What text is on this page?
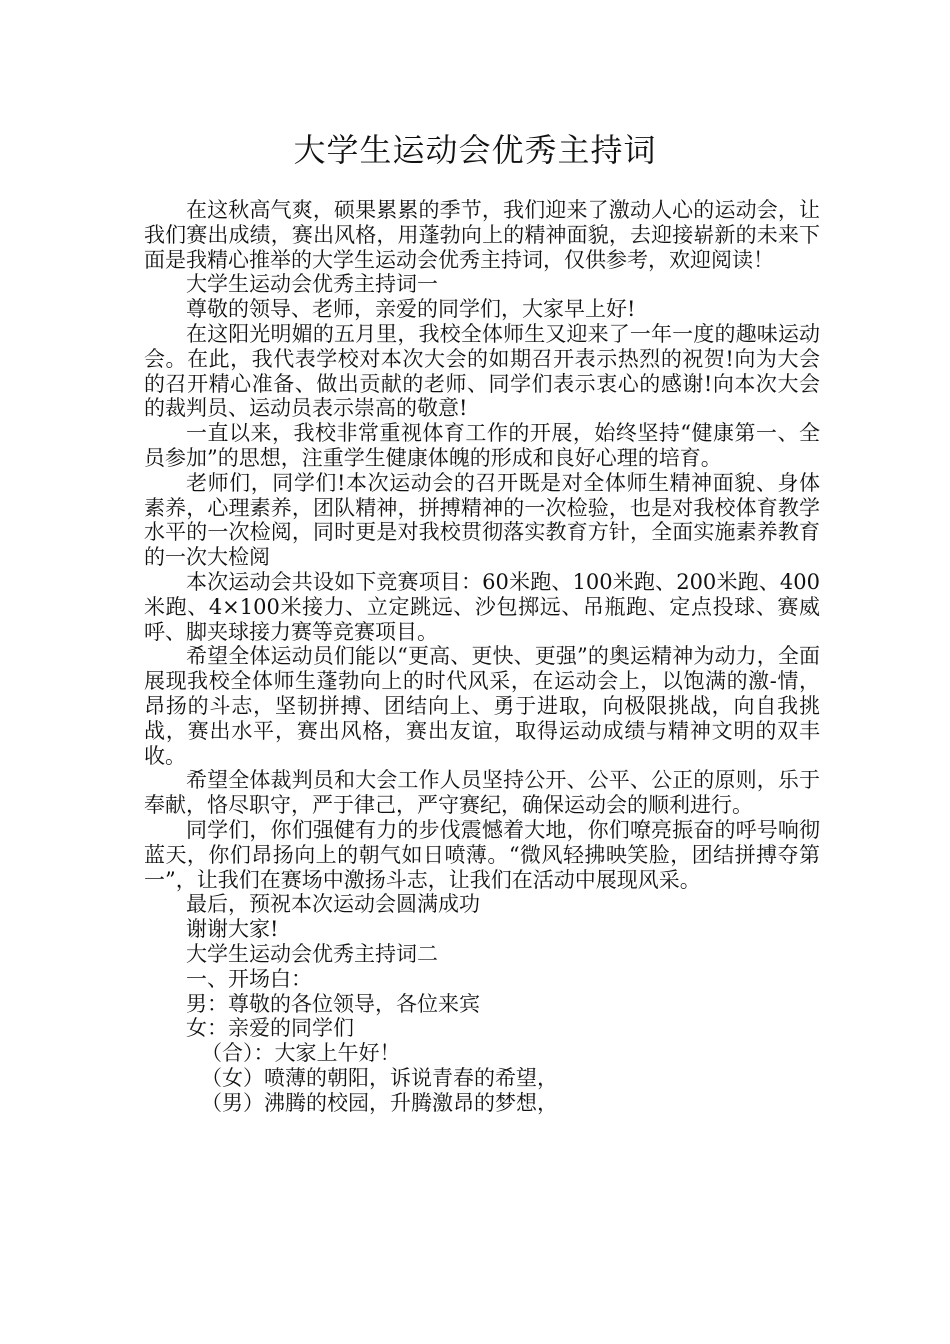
大学生运动会优秀主持词

在这秋高气爽，硕果累累的季节，我们迎来了激动人心的运动会，让我们赛出成绩，赛出风格，用蓬勃向上的精神面貌，去迎接崭新的未来下面是我精心推举的大学生运动会优秀主持词，仅供参考，欢迎阅读！

大学生运动会优秀主持词一

尊敬的领导、老师，亲爱的同学们，大家早上好!

在这阳光明媚的五月里，我校全体师生又迎来了一年一度的趣味运动会。在此，我代表学校对本次大会的如期召开表示热烈的祝贺!向为大会的召开精心准备、做出贡献的老师、同学们表示衷心的感谢!向本次大会的裁判员、运动员表示崇高的敬意!

一直以来，我校非常重视体育工作的开展，始终坚持“健康第一、全员参加”的思想，注重学生健康体魄的形成和良好心理的培育。

老师们，同学们!本次运动会的召开既是对全体师生精神面貌、身体素养，心理素养，团队精神，拼搏精神的一次检验，也是对我校体育教学水平的一次检阅，同时更是对我校贯彻落实教育方针，全面实施素养教育的一次大检阅

本次运动会共设如下竞赛项目：60米跑、100米跑、200米跑、400米跑、4×100米接力、立定跳远、沙包掷远、吊瓶跑、定点投球、赛威呼、脚夹球接力赛等竞赛项目。

希望全体运动员们能以“更高、更快、更强”的奥运精神为动力，全面展现我校全体师生蓬勃向上的时代风采，在运动会上，以饱满的激-情，昂扬的斗志，坚韧拼搏、团结向上、勇于进取，向极限挑战，向自我挑战，赛出水平，赛出风格，赛出友谊，取得运动成绩与精神文明的双丰收。

希望全体裁判员和大会工作人员坚持公开、公平、公正的原则，乐于奉献，恪尽职守，严于律己，严守赛纪，确保运动会的顺利进行。

同学们，你们强健有力的步伐震憾着大地，你们嘹亮振奋的呼号响彻蓝天，你们昂扬向上的朝气如日喷薄。“微风轻拂映笑脸，团结拼搏夺第一”，让我们在赛场中激扬斗志，让我们在活动中展现风采。

最后，预祝本次运动会圆满成功

谢谢大家!

大学生运动会优秀主持词二

一、开场白：

男：尊敬的各位领导，各位来宾

女：亲爱的同学们

（合）：大家上午好！

（女）喷薄的朝阳，诉说青春的希望，

（男）沸腾的校园，升腾激昂的梦想，
